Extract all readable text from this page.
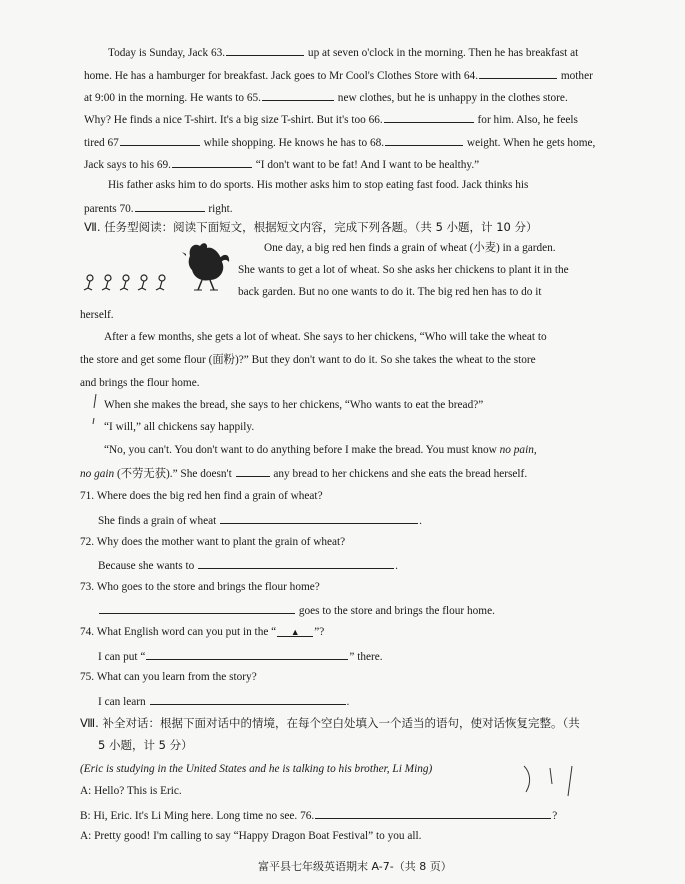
Today is Sunday, Jack 63.	up at seven o'clock in the morning. Then he has breakfast at
home. He has a hamburger for breakfast. Jack goes to Mr Cool's Clothes Store with 64.	mother
at 9:00 in the morning. He wants to 65.	new clothes, but he is unhappy in the clothes store.
Why? He finds a nice T-shirt. It's a big size T-shirt. But it's too 66.	for him. Also, he feels
tired 67	while shopping. He knows he has to 68.	weight. When he gets home,
Jack says to his 69.	“I don't want to be fat! And I want to be healthy.”
His father asks him to do sports. His mother asks him to stop eating fast food. Jack thinks his
parents 70.	right.
Ⅶ. 任务型阅读：阅读下面短文，根据短文内容，完成下列各题。（共 5 小题，计 10 分）
One day, a big red hen finds a grain of wheat (小麦) in a garden.
She wants to get a lot of wheat. So she asks her chickens to plant it in the
back garden. But no one wants to do it. The big red hen has to do it
herself.
After a few months, she gets a lot of wheat. She says to her chickens, “Who will take the wheat to
the store and get some flour (面粉)?” But they don't want to do it. So she takes the wheat to the store
and brings the flour home.
When she makes the bread, she says to her chickens, “Who wants to eat the bread?”
“I will,” all chickens say happily.
“No, you can't. You don't want to do anything before I make the bread. You must know no pain,
no gain (不劳无获).” She doesn't	any bread to her chickens and she eats the bread herself.
71. Where does the big red hen find a grain of wheat?
She finds a grain of wheat	.
72. Why does the mother want to plant the grain of wheat?
Because she wants to	.
73. Who goes to the store and brings the flour home?
goes to the store and brings the flour home.
74. What English word can you put in the “ ▲ ”?
I can put “	” there.
75. What can you learn from the story?
I can learn	.
Ⅷ. 补全对话：根据下面对话中的情境，在每个空白处填入一个适当的语句，使对话恢复完整。（共
5 小题，计 5 分）
(Eric is studying in the United States and he is talking to his brother, Li Ming)
A: Hello? This is Eric.
B: Hi, Eric. It's Li Ming here. Long time no see. 76.	?
A: Pretty good! I'm calling to say “Happy Dragon Boat Festival” to you all.
富平县七年级英语期末 A-7-（共 8 页）
